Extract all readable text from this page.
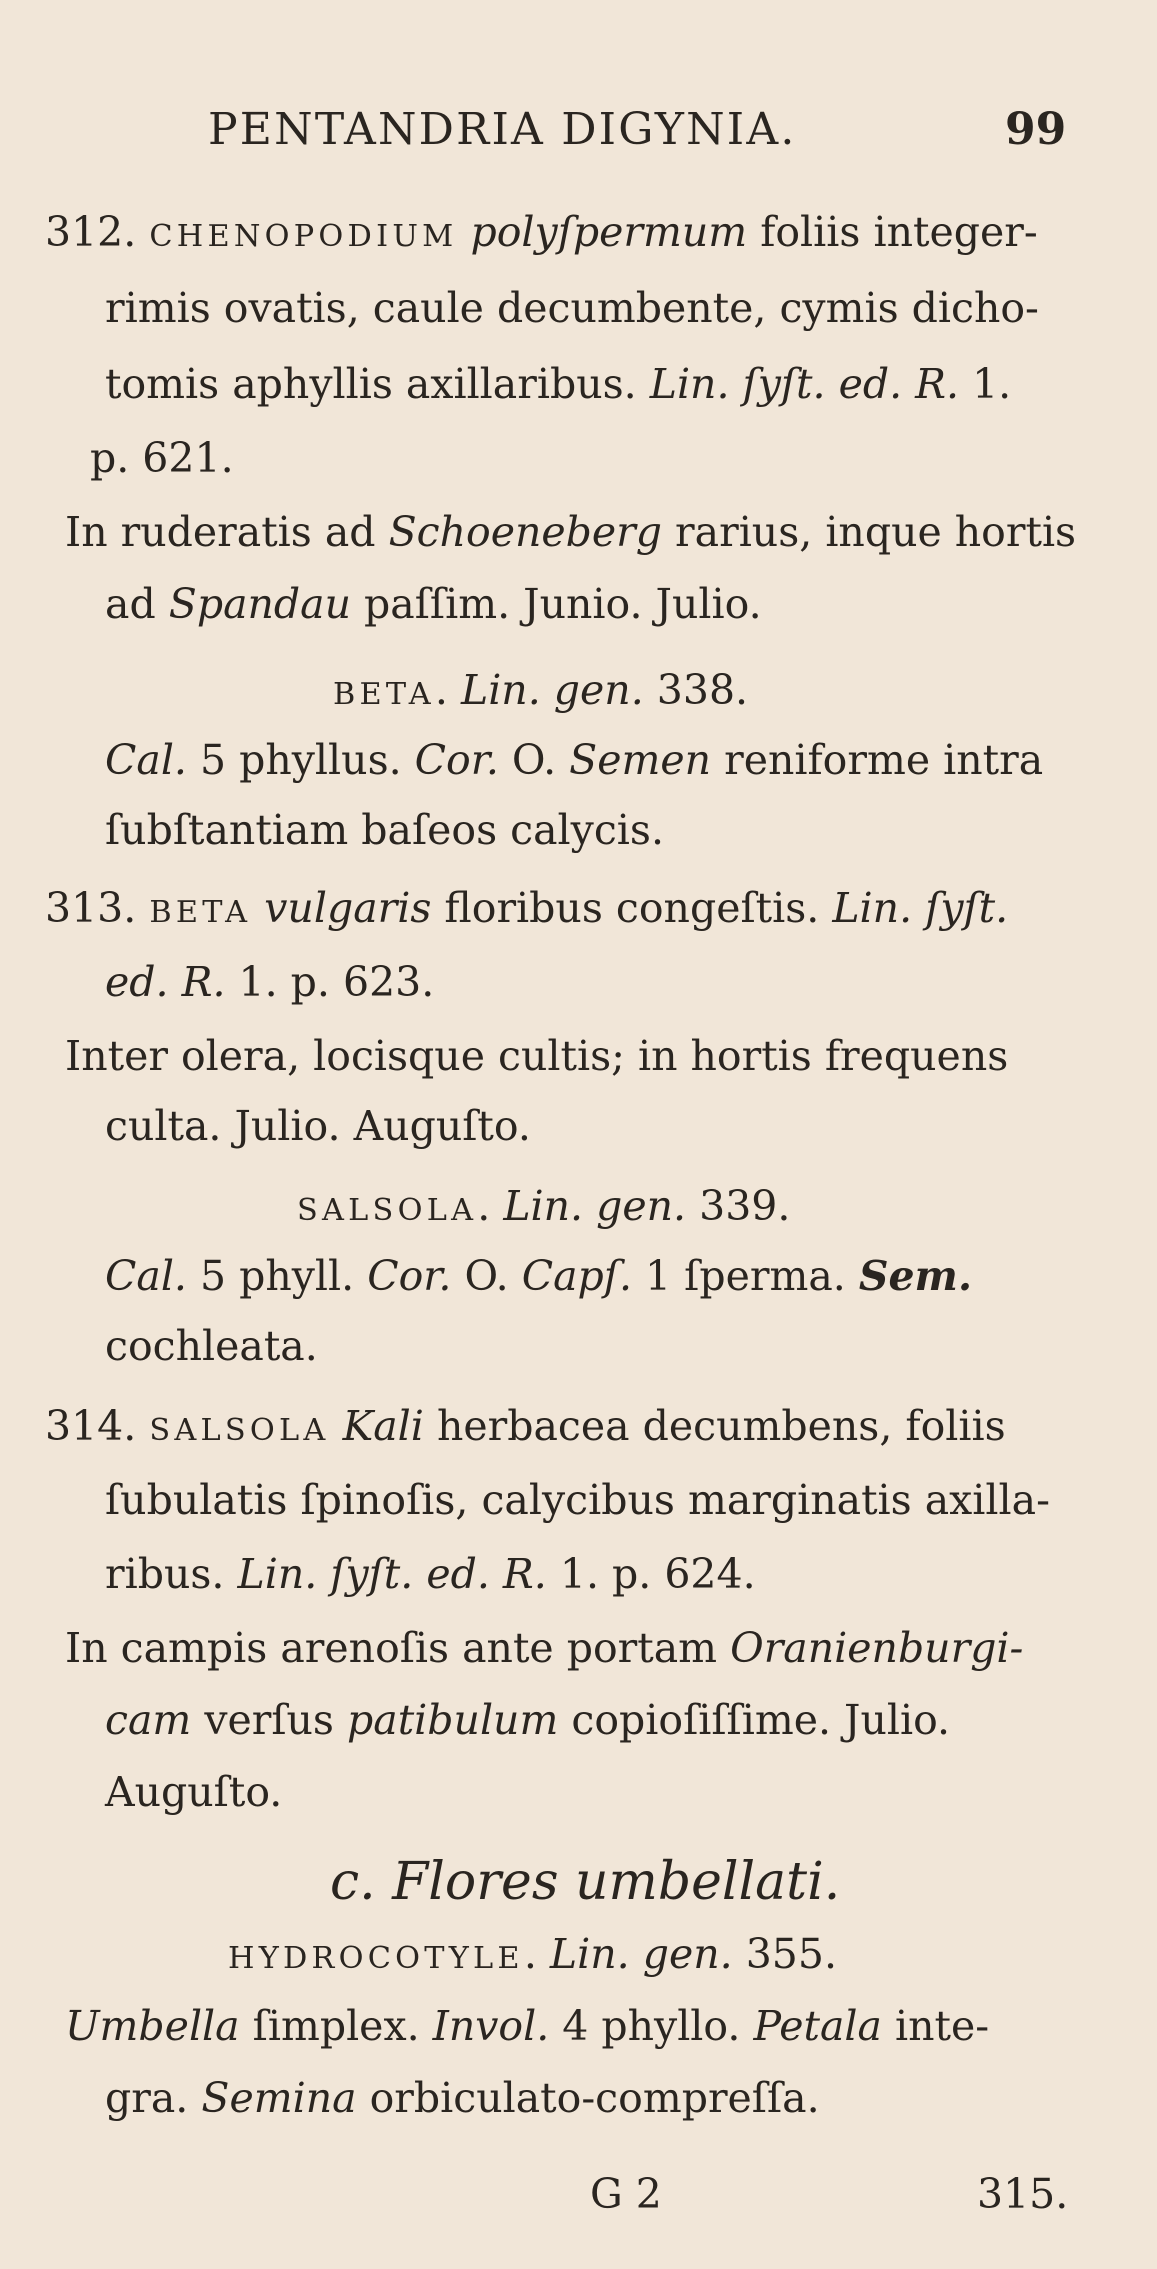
PENTANDRIA DIGYNIA.	99
312. CHENOPODIUM polyſpermum foliis integer-
rimis ovatis, caule decumbente, cymis dicho-
tomis aphyllis axillaribus. Lin. ſyſt. ed. R. 1.
p. 621.
In ruderatis ad Schoeneberg rarius, inque hortis
ad Spandau paſſim. Junio. Julio.
BETA. Lin. gen. 338.
Cal. 5 phyllus. Cor. O. Semen reniforme intra
ſubſtantiam baſeos calycis.
313. BETA vulgaris floribus congeſtis. Lin. ſyſt.
ed. R. 1. p. 623.
Inter olera, locisque cultis; in hortis frequens
culta. Julio. Auguſto.
SALSOLA. Lin. gen. 339.
Cal. 5 phyll. Cor. O. Capſ. 1 ſperma. Sem.
cochleata.
314. SALSOLA Kali herbacea decumbens, foliis
ſubulatis ſpinoſis, calycibus marginatis axilla-
ribus. Lin. ſyſt. ed. R. 1. p. 624.
In campis arenoſis ante portam Oranienburgi-
cam verſus patibulum copioſiſſime. Julio.
Auguſto.
c. Flores umbellati.
HYDROCOTYLE. Lin. gen. 355.
Umbella ſimplex. Invol. 4 phyllo. Petala inte-
gra. Semina orbiculato-compreſſa.
G 2	315.
